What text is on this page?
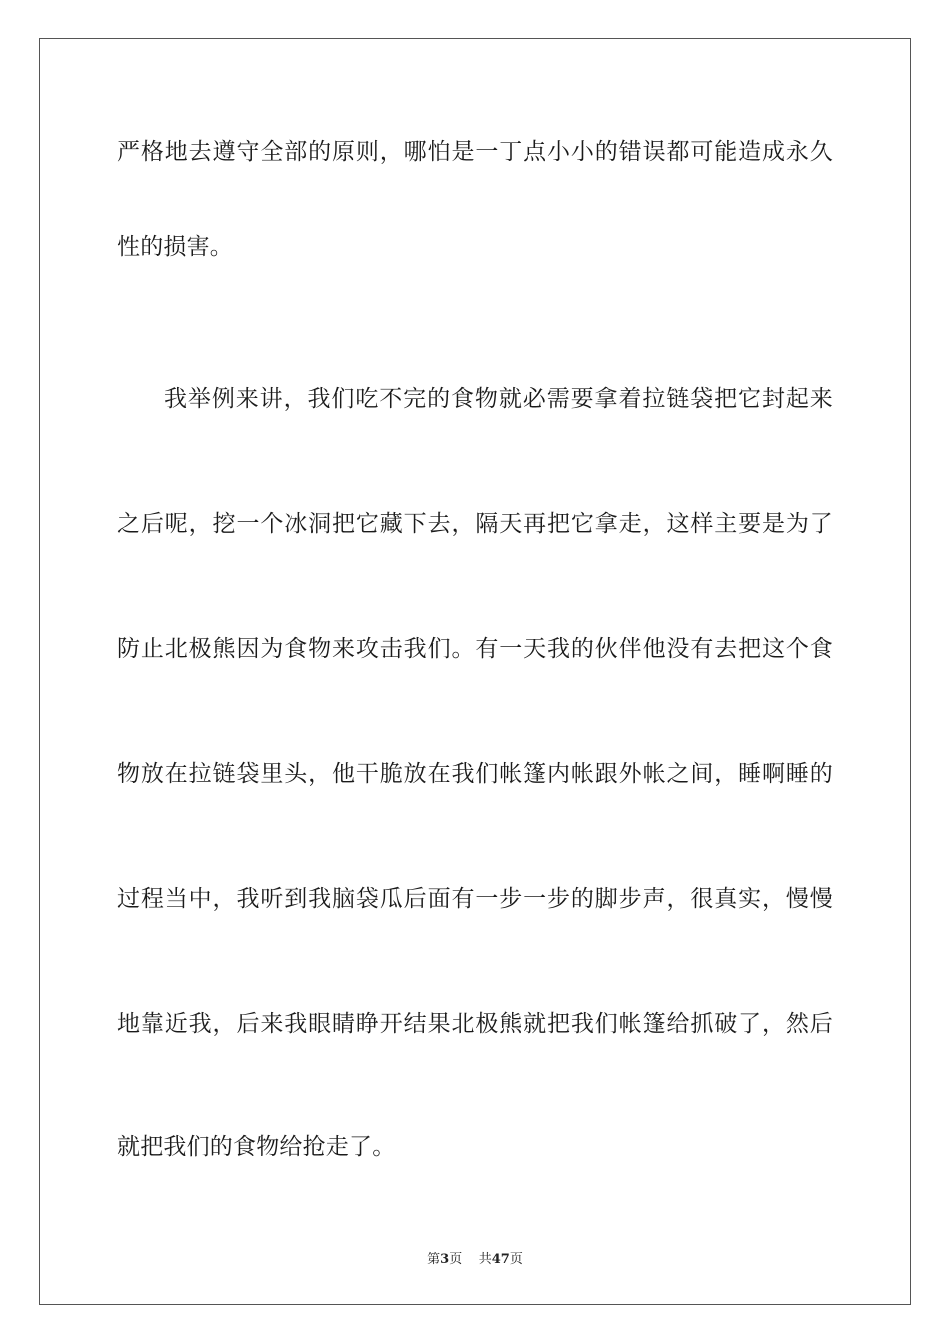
严格地去遵守全部的原则，哪怕是一丁点小小的错误都可能造成永久
性的损害。
我举例来讲，我们吃不完的食物就必需要拿着拉链袋把它封起来
之后呢，挖一个冰洞把它藏下去，隔天再把它拿走，这样主要是为了
防止北极熊因为食物来攻击我们。有一天我的伙伴他没有去把这个食
物放在拉链袋里头，他干脆放在我们帐篷内帐跟外帐之间，睡啊睡的
过程当中，我听到我脑袋瓜后面有一步一步的脚步声，很真实，慢慢
地靠近我，后来我眼睛睁开结果北极熊就把我们帐篷给抓破了，然后
就把我们的食物给抢走了。
第3页 共47页
